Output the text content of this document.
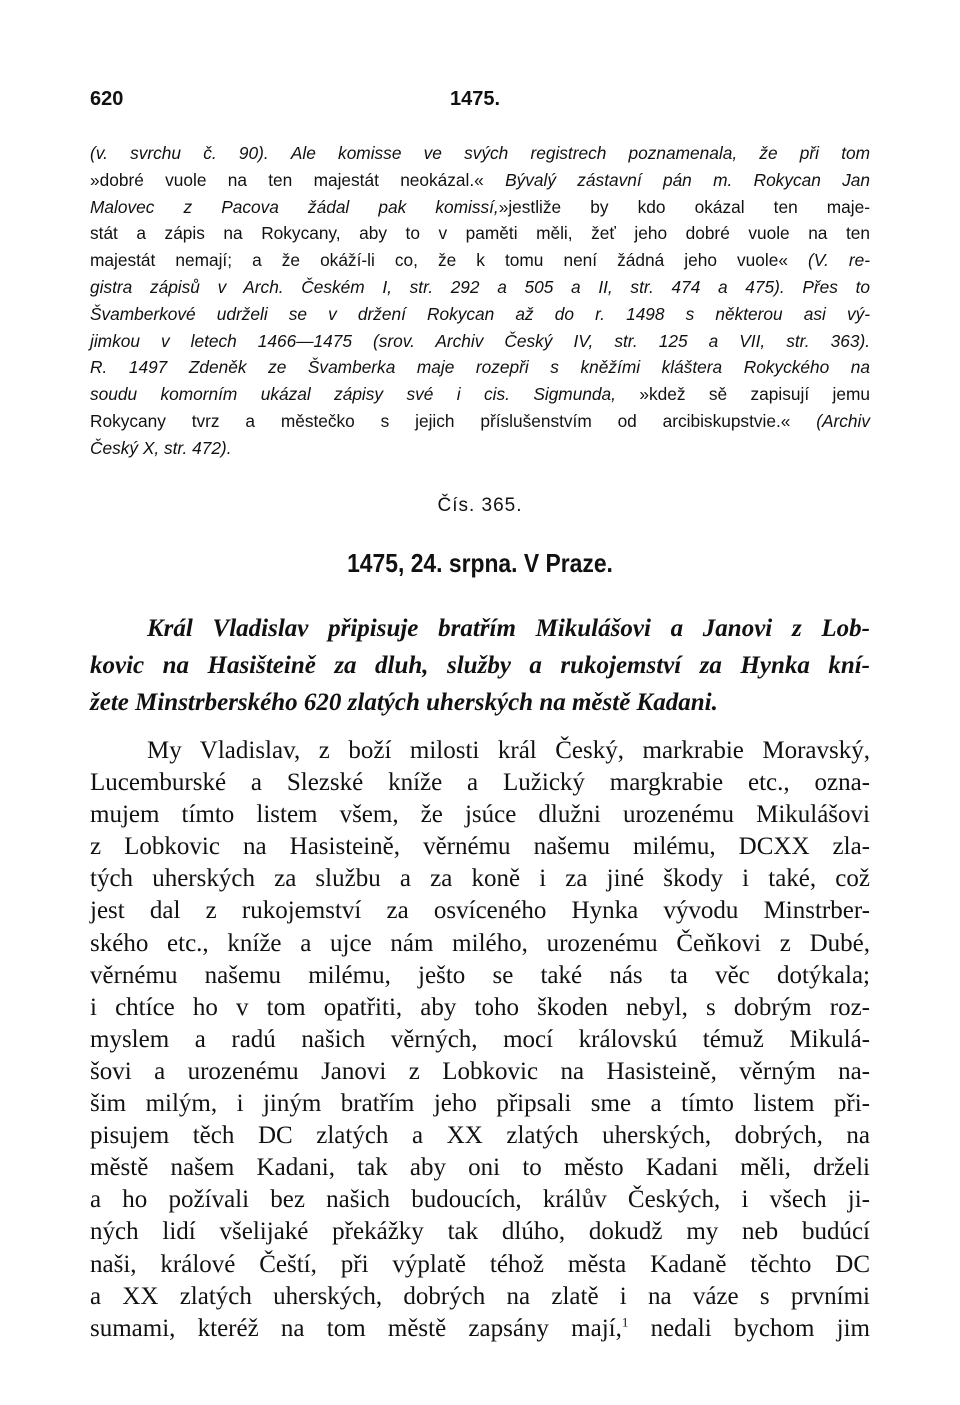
620	1475.
(v. svrchu č. 90). Ale komisse ve svých registrech poznamenala, že při tom
»dobré vuole na ten majestát neokázal.« Bývalý zástavní pán m. Rokycan Jan
Malovec z Pacova žádal pak komissí,»jestliže by kdo okázal ten maje-
stát a zápis na Rokycany, aby to v paměti měli, žeť jeho dobré vuole na ten
majestát nemají; a že okáží-li co, že k tomu není žádná jeho vuole« (V. re-
gistra zápisů v Arch. Českém I, str. 292 a 505 a II, str. 474 a 475). Přes to
Švamberkové udrželi se v držení Rokycan až do r. 1498 s některou asi vý-
jimkou v letech 1466—1475 (srov. Archiv Český IV, str. 125 a VII, str. 363).
R. 1497 Zdeněk ze Švamberka maje rozepři s kněžími kláštera Rokyckého na
soudu komorním ukázal zápisy své i cis. Sigmunda, »kdež sě zapisují jemu
Rokycany tvrz a městečko s jejich příslušenstvím od arcibiskupstvie.« (Archiv
Český X, str. 472).
Čís. 365.
1475, 24. srpna. V Praze.
Král Vladislav připisuje bratřím Mikulášovi a Janovi z Lob-
kovic na Hasišteině za dluh, služby a rukojemství za Hynka kní-
žete Minstrberského 620 zlatých uherských na městě Kadani.
My Vladislav, z boží milosti král Český, markrabie Moravský,
Lucemburské a Slezské kníže a Lužický margkrabie etc., ozna-
mujem tímto listem všem, že jsúce dlužni urozenému Mikulášovi
z Lobkovic na Hasisteině, věrnému našemu milému, DCXX zla-
tých uherských za službu a za koně i za jiné škody i také, což
jest dal z rukojemství za osvíceného Hynka vývodu Minstrber-
ského etc., kníže a ujce nám milého, urozenému Čeňkovi z Dubé,
věrnému našemu milému, ješto se také nás ta věc dotýkala;
i chtíce ho v tom opatřiti, aby toho škoden nebyl, s dobrým roz-
myslem a radú našich věrných, mocí královskú témuž Mikulá-
šovi a urozenému Janovi z Lobkovic na Hasisteině, věrným na-
šim milým, i jiným bratřím jeho připsali sme a tímto listem při-
pisujem těch DC zlatých a XX zlatých uherských, dobrých, na
městě našem Kadani, tak aby oni to město Kadani měli, drželi
a ho požívali bez našich budoucích, králův Českých, i všech ji-
ných lidí všelijaké překážky tak dlúho, dokudž my neb budúcí
naši, králové Čeští, při výplatě téhož města Kadaně těchto DC
a XX zlatých uherských, dobrých na zlatě i na váze s prvními
sumami, kteréž na tom městě zapsány mají,$^1$ nedali bychom jim
